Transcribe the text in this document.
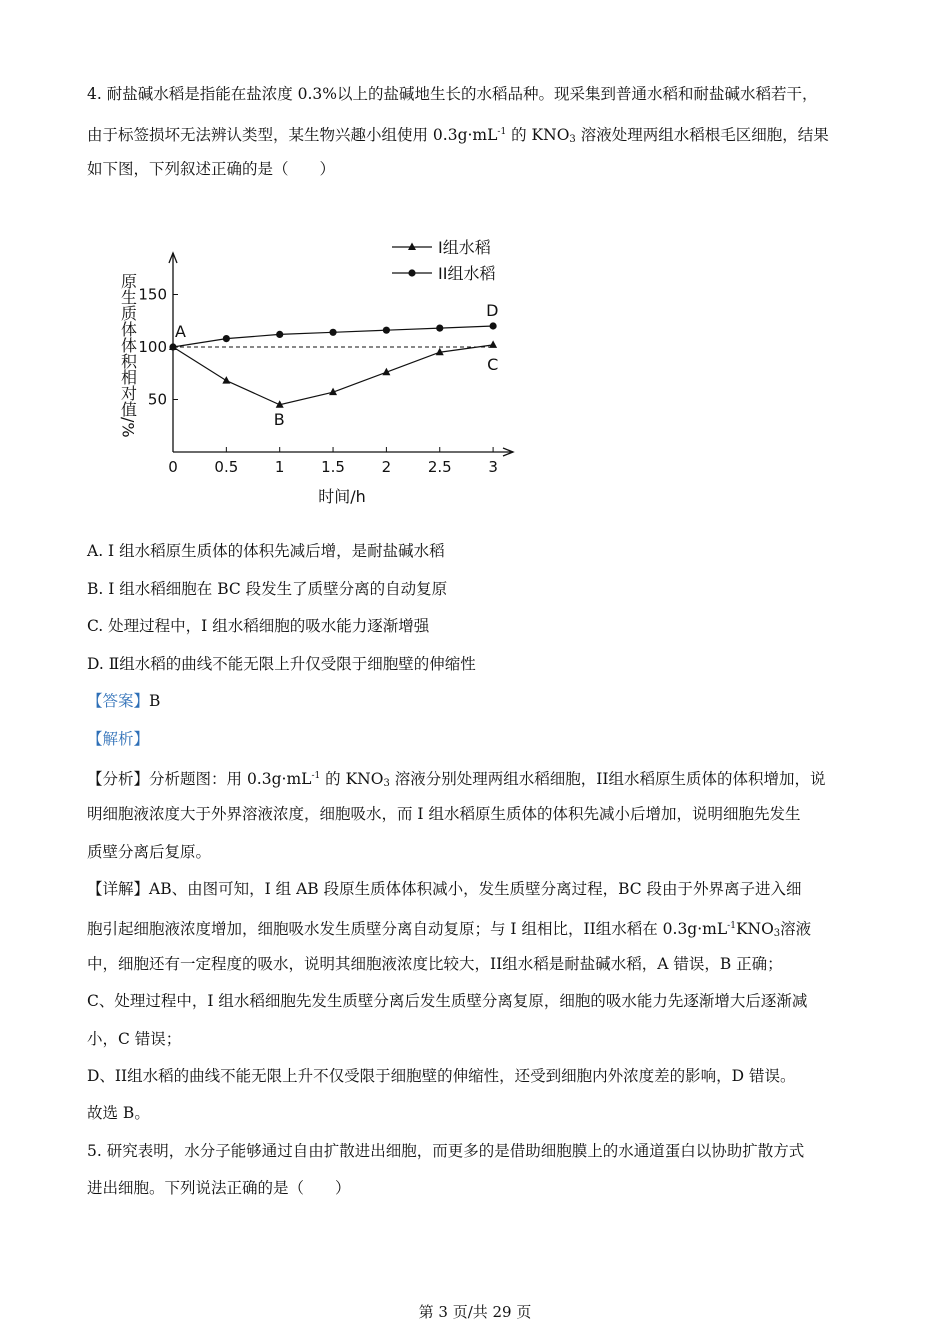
4. 耐盐碱水稻是指能在盐浓度 0.3%以上的盐碱地生长的水稻品种。现采集到普通水稻和耐盐碱水稻若干，
由于标签损坏无法辨认类型，某生物兴趣小组使用 $0.3g\cdot mL^{-1}$ 的 $KNO_3$ 溶液处理两组水稻根毛区细胞，结果
如下图，下列叙述正确的是（　　）
0 0.5 1 1.5 2 2.5 3
50
100
150
I组水稻
II组水稻
时间/h
原生质体体积相对值/% A
B
C
D
A. I 组水稻原生质体的体积先减后增，是耐盐碱水稻
B. I 组水稻细胞在 BC 段发生了质壁分离的自动复原
C. 处理过程中，I 组水稻细胞的吸水能力逐渐增强
D. Ⅱ组水稻的曲线不能无限上升仅受限于细胞壁的伸缩性
【答案】B
【解析】
【分析】分析题图：用 $0.3g\cdot mL^{-1}$ 的 $KNO_3$ 溶液分别处理两组水稻细胞，II组水稻原生质体的体积增加，说
明细胞液浓度大于外界溶液浓度，细胞吸水，而 I 组水稻原生质体的体积先减小后增加，说明细胞先发生
质壁分离后复原。
【详解】AB、由图可知，I 组 AB 段原生质体体积减小，发生质壁分离过程，BC 段由于外界离子进入细
胞引起细胞液浓度增加，细胞吸水发生质壁分离自动复原；与 I 组相比，II组水稻在 $0.3g\cdot mL^{-1}KNO_3$溶液
中，细胞还有一定程度的吸水，说明其细胞液浓度比较大，II组水稻是耐盐碱水稻，A 错误，B 正确；
C、处理过程中，I 组水稻细胞先发生质壁分离后发生质壁分离复原，细胞的吸水能力先逐渐增大后逐渐减
小，C 错误；
D、II组水稻的曲线不能无限上升不仅受限于细胞壁的伸缩性，还受到细胞内外浓度差的影响，D 错误。
故选 B。
5. 研究表明，水分子能够通过自由扩散进出细胞，而更多的是借助细胞膜上的水通道蛋白以协助扩散方式
进出细胞。下列说法正确的是（　　）
第 3 页/共 29 页
